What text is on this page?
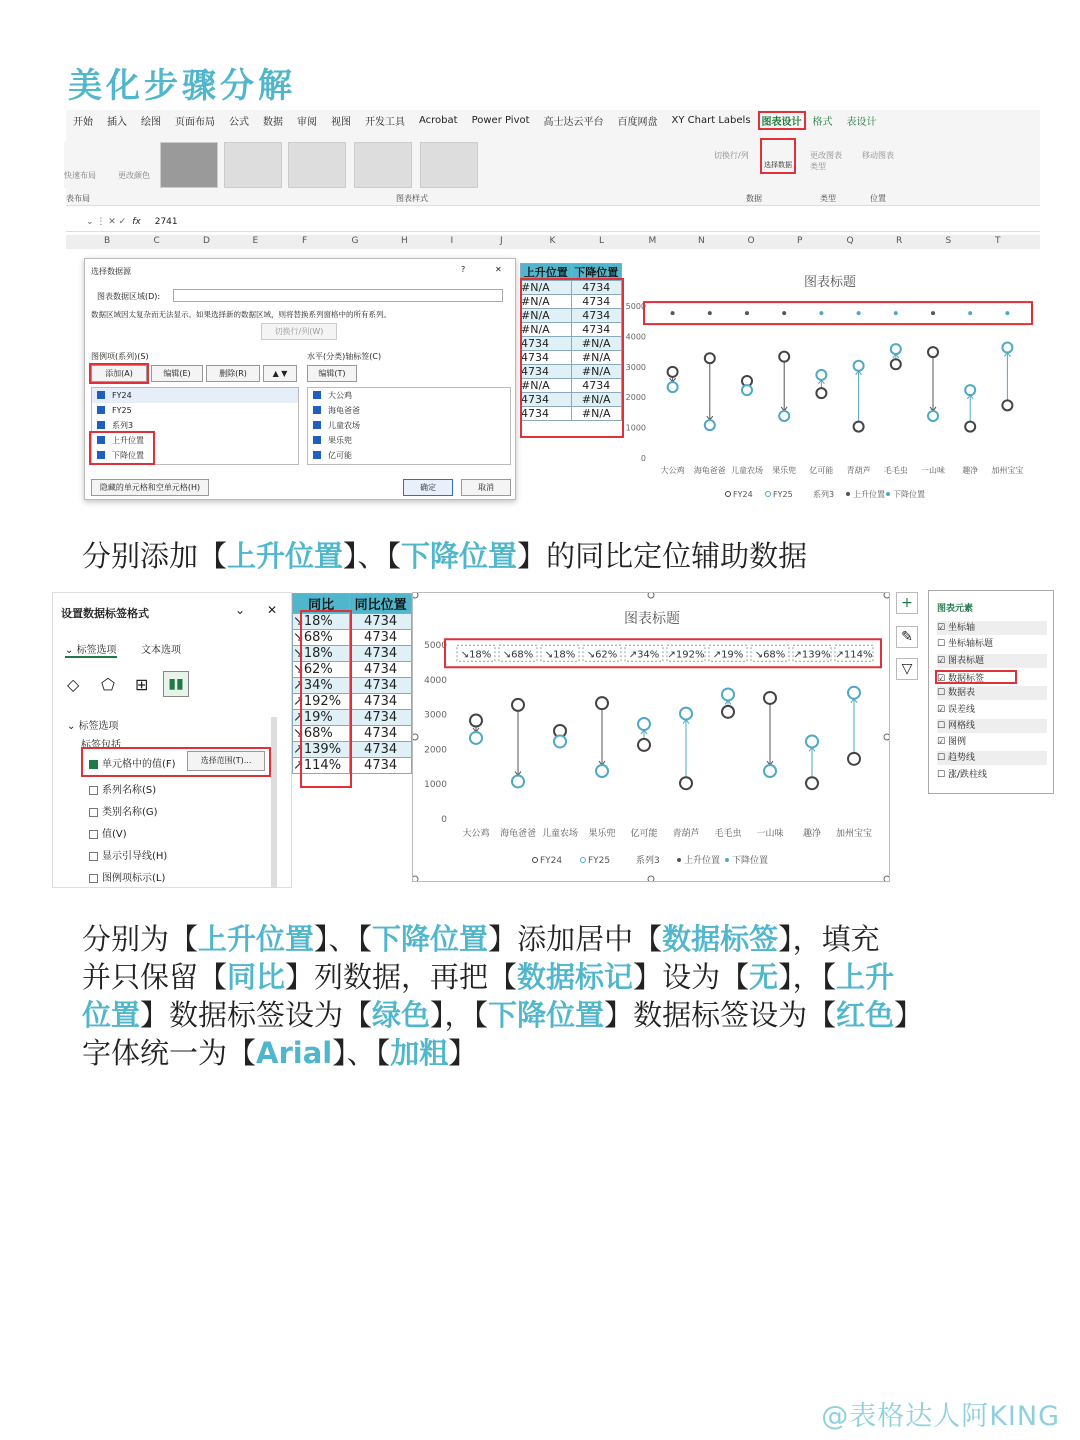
美化步骤分解
开始	插入	绘图	页面布局	公式	数据	审阅	视图	开发工具	Acrobat	Power Pivot	高士达云平台	百度网盘	XY Chart Labels	图表设计	格式	表设计
快速布局	更改颜色
切换行/列
选择数据
更改图表类型
移动图表
表布局	图表样式	数据	类型	位置
⌄ ⋮ ✕ ✓ fx 2741
B	C	D	E	F	G	H	I	J	K	L	M	N	O	P	Q	R	S	T
选择数据源	?	✕
图表数据区域(D):
数据区域因太复杂而无法显示。如果选择新的数据区域，则将替换系列窗格中的所有系列。
切换行/列(W)
图例项(系列)(S)	水平(分类)轴标签(C)
添加(A)	编辑(E)	删除(R)	▲ ▼	编辑(T)
FY24
FY25
系列3
上升位置
下降位置
大公鸡
海龟爸爸
儿童农场
果乐兜
亿可能
隐藏的单元格和空单元格(H)	确定	取消
上升位置	下降位置
#N/A	4734
#N/A	4734
#N/A	4734
#N/A	4734
4734	#N/A
4734	#N/A
4734	#N/A
#N/A	4734
4734	#N/A
4734	#N/A
图表标题
5000
4000
3000
2000
1000
0
大公鸡 海龟爸爸 儿童农场 果乐兜 亿可能 青葫芦 毛毛虫 一山味 趣净 加州宝宝
FY24	FY25	系列3 上升位置 下降位置
分别添加【上升位置】、【下降位置】的同比定位辅助数据
设置数据标签格式	⌄ ✕
⌄ 标签选项 文本选项
◇ ⬠ ⊞	▮▮
⌄ 标签选项
标签包括
单元格中的值(F)	选择范围(T)...
系列名称(S)
类别名称(G)
值(V)
显示引导线(H)
图例项标示(L)
同比	同比位置
↘18%	4734
↘68%	4734
↘18%	4734
↘62%	4734
↗34%	4734
↗192%	4734
↗19%	4734
↘68%	4734
↗139%	4734
↗114%	4734
图表标题
5000
4000
3000
2000
1000
0
大公鸡 海龟爸爸 儿童农场 果乐兜 亿可能 青葫芦 毛毛虫 一山味 趣净 加州宝宝
↘18% ↘68% ↘18% ↘62% ↗34% ↗192% ↗19% ↘68% ↗139% ↗114%
FY24	FY25	系列3	上升位置 下降位置
+
✎
▽
图表元素
☑ 坐标轴
☐ 坐标轴标题
☑ 图表标题
☑ 数据标签
☐ 数据表
☑ 误差线
☐ 网格线
☑ 图例
☐ 趋势线
☐ 涨/跌柱线
分别为【上升位置】、【下降位置】添加居中【数据标签】，填充
并只保留【同比】列数据，再把【数据标记】设为【无】，【上升
位置】数据标签设为【绿色】，【下降位置】数据标签设为【红色】
字体统一为【Arial】、【加粗】
@表格达人阿KING
